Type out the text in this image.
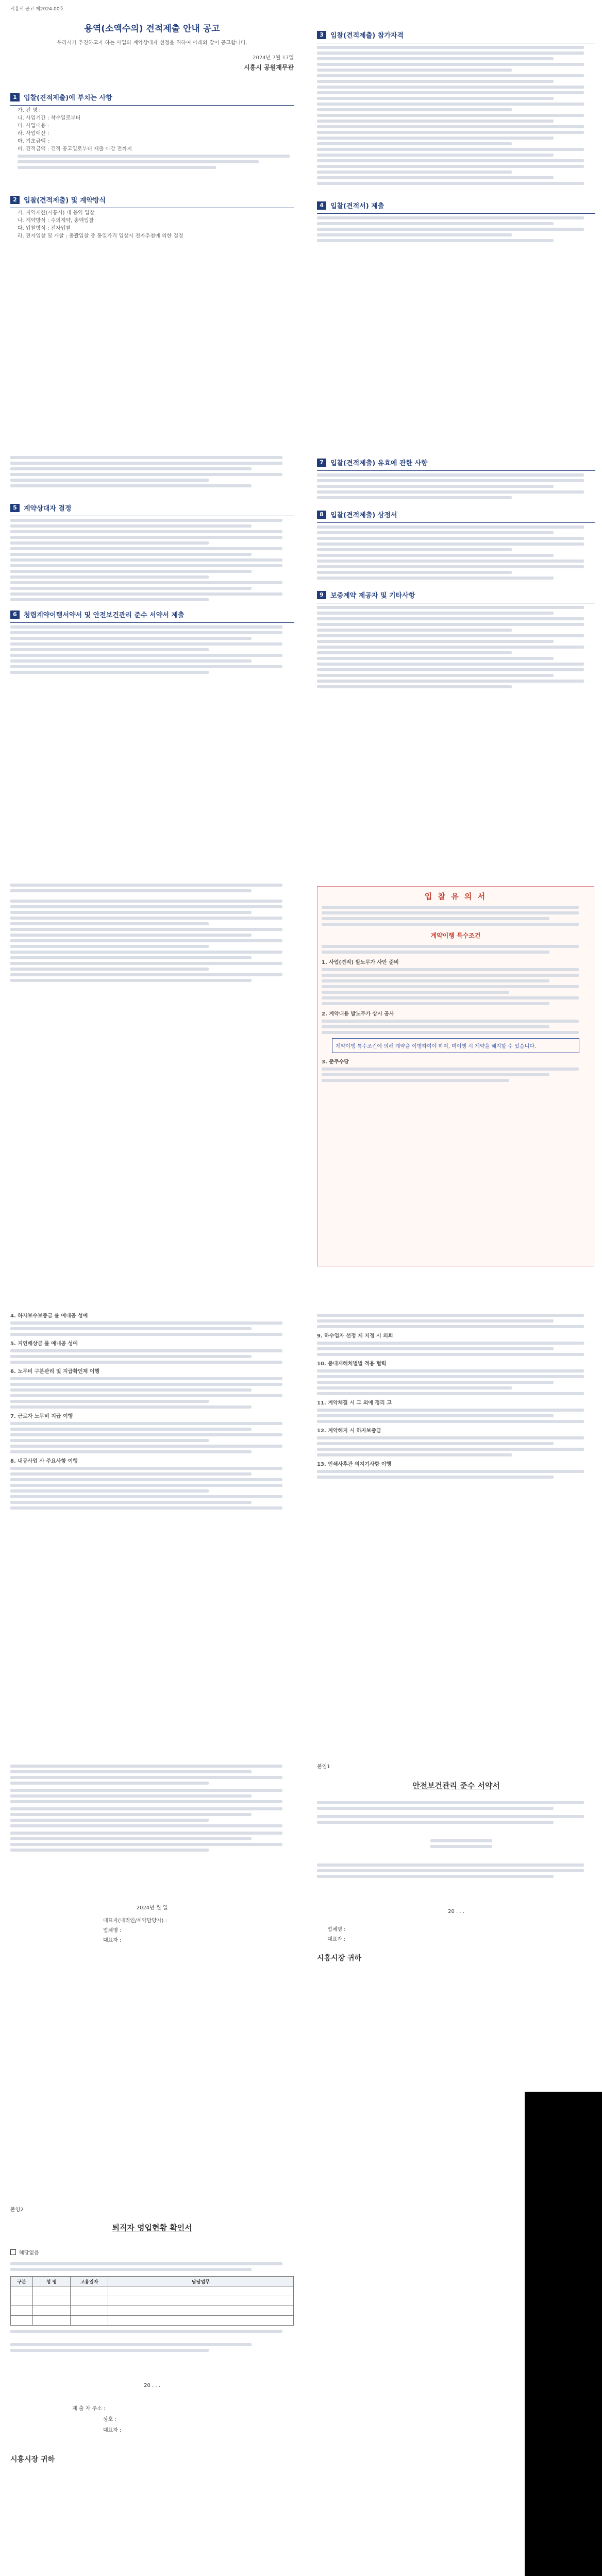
시흥시 공고 제2024-00호
용역(소액수의) 견적제출 안내 공고
우리시가 추진하고자 하는 사업의 계약상대자 선정을 위하여 아래와 같이 공고합니다.
2024년 7월 17일
시흥시 공원재무관
1	입찰(견적제출)에 부치는 사항
가. 건 명 :
나. 사업기간 : 착수일로부터
다. 사업내용 :
라. 사업예산 :
마. 기초금액 :
바. 견적금액 : 견적 공고일로부터 제출 마감 전까지
2	입찰(견적제출) 및 계약방식
가. 지역제한(시흥시) 내 용역 입찰
나. 계약방식 : 수의계약, 총액입찰
다. 입찰방식 : 전자입찰
라. 전자입찰 및 개찰 : 총괄입찰 중 동일가격 입찰시 전자추첨에 의한 결정
3	입찰(견적제출) 참가자격
4	입찰(견적서) 제출
5	계약상대자 결정
6	청렴계약이행서약서 및 안전보건관리 준수 서약서 제출
7	입찰(견적제출) 유효에 관한 사항
8	입찰(견적제출) 상정서
9	보증계약 제공자 및 기타사항
입 찰 유 의 서
계약이행 특수조건
1. 사업(견적) 발노무가 사안 준비
2. 계약내용 발노무가 상시 공사
계약이행 특수조건에 의해 계약을 이행하여야 하며, 미이행 시 계약을 해지할 수 있습니다.
3. 준주수당
4. 하자보수보증금 률 예내공 성예
5. 지연배상금 률 예내공 성예
6. 노무비 구분관리 및 지급확인제 이행
7. 근로자 노무비 지급 이행
8. 내공사업 사 주요사항 이행
9. 하수업자 선정 제 지정 시 의회
10. 중대재해처벌법 적용 협력
11. 계약체결 시 그 외에 정리 고
12. 계약해지 시 하자보증금
13. 인쇄사후관 의지기사항 이행
2024년 월 일
대표자(대리인/계약담당자) :
업체명 :
대표자 :
붙임1
안전보건관리 준수 서약서
20 . . .
업체명 :
대표자 :
시흥시장 귀하
붙임2
퇴직자 영입현황 확인서
해당없음
구분	성 명	고용일자	담당업무

20 . . .
제 출 자 주소 :
상호 :
대표자 :
시흥시장 귀하
